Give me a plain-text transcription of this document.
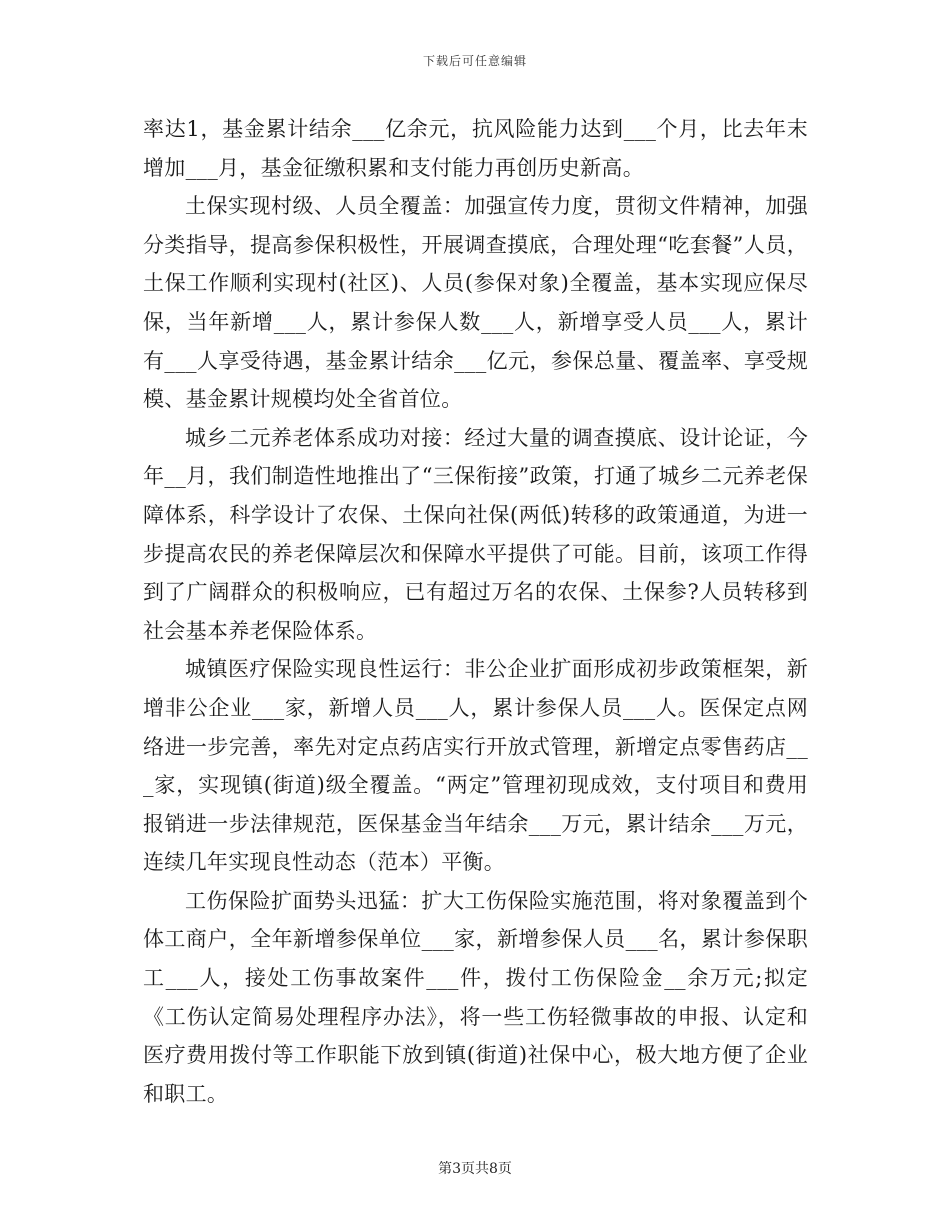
下载后可任意编辑

率达1，基金累计结余___亿余元，抗风险能力达到___个月，比去年末增加___月，基金征缴积累和支付能力再创历史新高。

土保实现村级、人员全覆盖：加强宣传力度，贯彻文件精神，加强分类指导，提高参保积极性，开展调查摸底，合理处理“吃套餐”人员，土保工作顺利实现村(社区)、人员(参保对象)全覆盖，基本实现应保尽保，当年新增___人，累计参保人数___人，新增享受人员___人，累计有___人享受待遇，基金累计结余___亿元，参保总量、覆盖率、享受规模、基金累计规模均处全省首位。

城乡二元养老体系成功对接：经过大量的调查摸底、设计论证，今年__月，我们制造性地推出了“三保衔接”政策，打通了城乡二元养老保障体系，科学设计了农保、土保向社保(两低)转移的政策通道，为进一步提高农民的养老保障层次和保障水平提供了可能。目前，该项工作得到了广阔群众的积极响应，已有超过万名的农保、土保参?人员转移到社会基本养老保险体系。

城镇医疗保险实现良性运行：非公企业扩面形成初步政策框架，新增非公企业___家，新增人员___人，累计参保人员___人。医保定点网络进一步完善，率先对定点药店实行开放式管理，新增定点零售药店___家，实现镇(街道)级全覆盖。“两定”管理初现成效，支付项目和费用报销进一步法律规范，医保基金当年结余___万元，累计结余___万元，连续几年实现良性动态（范本）平衡。

工伤保险扩面势头迅猛：扩大工伤保险实施范围，将对象覆盖到个体工商户，全年新增参保单位___家，新增参保人员___名，累计参保职工___人，接处工伤事故案件___件，拨付工伤保险金__余万元;拟定《工伤认定简易处理程序办法》，将一些工伤轻微事故的申报、认定和医疗费用拨付等工作职能下放到镇(街道)社保中心，极大地方便了企业和职工。

第3页共8页
